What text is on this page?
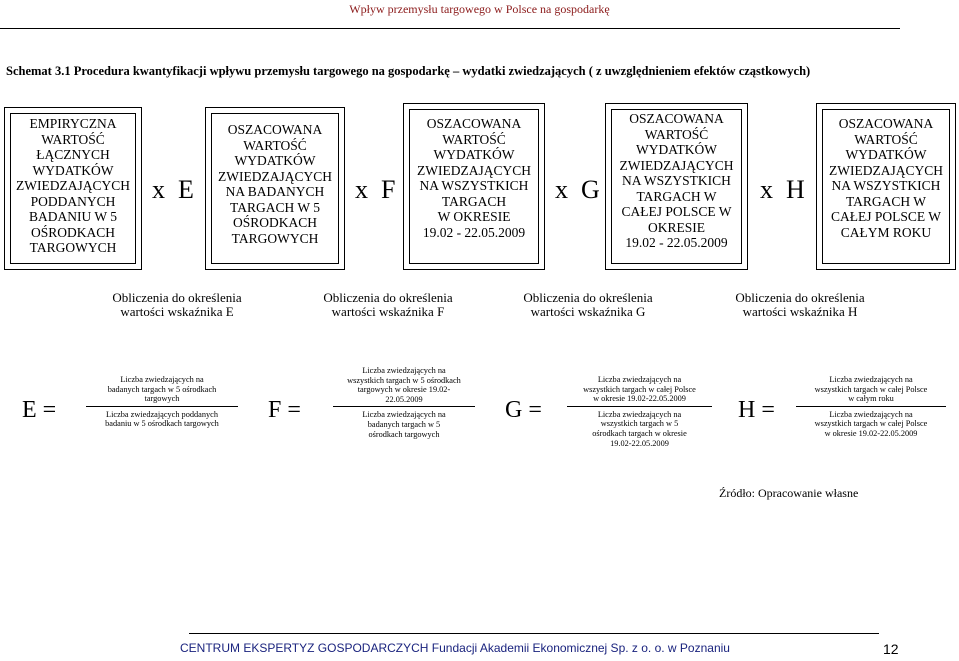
Wpływ przemysłu targowego w Polsce na gospodarkę
Schemat 3.1 Procedura kwantyfikacji wpływu przemysłu targowego na gospodarkę – wydatki zwiedzających ( z uwzględnieniem efektów cząstkowych)
EMPIRYCZNA
WARTOŚĆ
ŁĄCZNYCH
WYDATKÓW
ZWIEDZAJĄCYCH
PODDANYCH
BADANIU W 5
OŚRODKACH
TARGOWYCH
OSZACOWANA
WARTOŚĆ
WYDATKÓW
ZWIEDZAJĄCYCH
NA BADANYCH
TARGACH W 5
OŚRODKACH
TARGOWYCH
OSZACOWANA
WARTOŚĆ
WYDATKÓW
ZWIEDZAJĄCYCH
NA WSZYSTKICH
TARGACH
W OKRESIE
19.02 - 22.05.2009
OSZACOWANA
WARTOŚĆ
WYDATKÓW
ZWIEDZAJĄCYCH
NA WSZYSTKICH
TARGACH W
CAŁEJ POLSCE W
OKRESIE
19.02 - 22.05.2009
OSZACOWANA
WARTOŚĆ
WYDATKÓW
ZWIEDZAJĄCYCH
NA WSZYSTKICH
TARGACH W
CAŁEJ POLSCE W
CAŁYM ROKU
x  E	x  F	x  G	x  H
Obliczenia do określenia
wartości wskaźnika E
Obliczenia do określenia
wartości wskaźnika F
Obliczenia do określenia
wartości wskaźnika G
Obliczenia do określenia
wartości wskaźnika H
E =
Liczba zwiedzających na
badanych targach w 5 ośrodkach
targowych
Liczba zwiedzających poddanych
badaniu w 5 ośrodkach targowych
F =
Liczba zwiedzających na
wszystkich targach w 5 ośrodkach
targowych w okresie 19.02-
22.05.2009
Liczba zwiedzających na
badanych targach w 5
ośrodkach targowych
G =
Liczba zwiedzających na
wszystkich targach w całej Polsce
w okresie 19.02-22.05.2009
Liczba zwiedzających na
wszystkich targach w 5
ośrodkach targach w okresie
19.02-22.05.2009
H =
Liczba zwiedzających na
wszystkich targach w całej Polsce
w całym roku
Liczba zwiedzających na
wszystkich targach w całej Polsce
w okresie 19.02-22.05.2009
Źródło: Opracowanie własne
CENTRUM EKSPERTYZ GOSPODARCZYCH Fundacji Akademii Ekonomicznej Sp. z o. o. w Poznaniu	12
